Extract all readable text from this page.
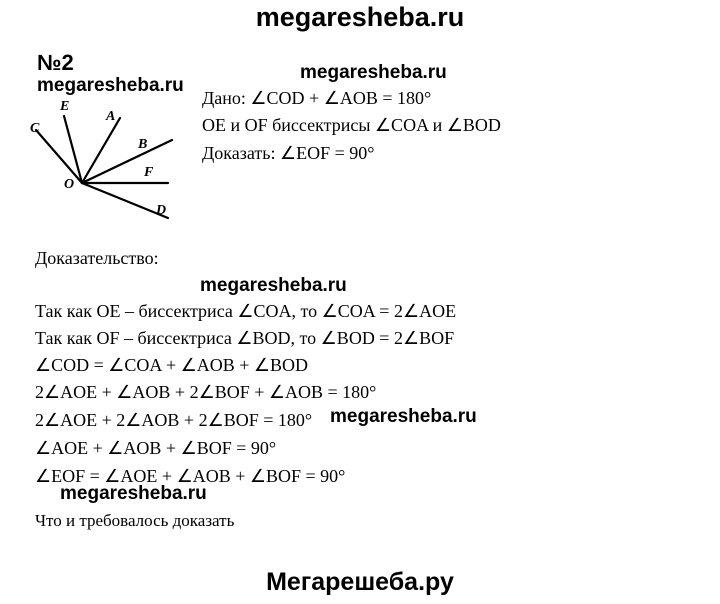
megaresheba.ru
№2
C
E
A
B
F
D
O
megaresheba.ru
megaresheba.ru
Дано: ∠COD + ∠AOB = 180°
OE и OF биссектрисы ∠COA и ∠BOD
Доказать: ∠EOF = 90°
Доказательство:
megaresheba.ru
Так как OE – биссектриса ∠COA, то ∠COA = 2∠AOE
Так как OF – биссектриса ∠BOD, то ∠BOD = 2∠BOF
∠COD = ∠COA + ∠AOB + ∠BOD
2∠AOE + ∠AOB + 2∠BOF + ∠AOB = 180°
2∠AOE + 2∠AOB + 2∠BOF = 180°
∠AOE + ∠AOB + ∠BOF = 90°
∠EOF = ∠AOE + ∠AOB + ∠BOF = 90°
megaresheba.ru
megaresheba.ru
Что и требовалось доказать
Мегарешеба.ру
